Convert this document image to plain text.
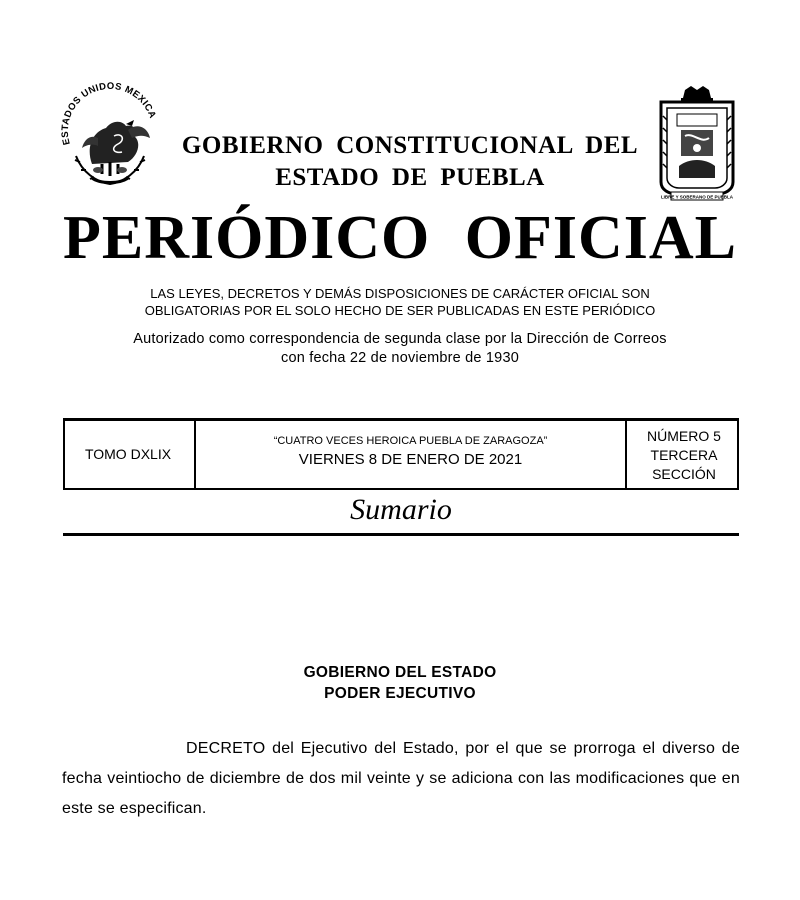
ESTADOS UNIDOS MEXICA
LIBRE Y SOBERANO DE PUEBLA
GOBIERNO CONSTITUCIONAL DEL
ESTADO DE PUEBLA
PERIÓDICO OFICIAL
LAS LEYES, DECRETOS Y DEMÁS DISPOSICIONES DE CARÁCTER OFICIAL SON
OBLIGATORIAS POR EL SOLO HECHO DE SER PUBLICADAS EN ESTE PERIÓDICO
Autorizado como correspondencia de segunda clase por la Dirección de Correos
con fecha 22 de noviembre de 1930
TOMO DXLIX
“CUATRO VECES HEROICA PUEBLA DE ZARAGOZA”
VIERNES 8 DE ENERO DE 2021
NÚMERO 5
TERCERA
SECCIÓN
Sumario
GOBIERNO DEL ESTADO
PODER EJECUTIVO
DECRETO del Ejecutivo del Estado, por el que se prorroga el diverso de fecha veintiocho de diciembre de dos mil veinte y se adiciona con las modificaciones que en este se especifican.
